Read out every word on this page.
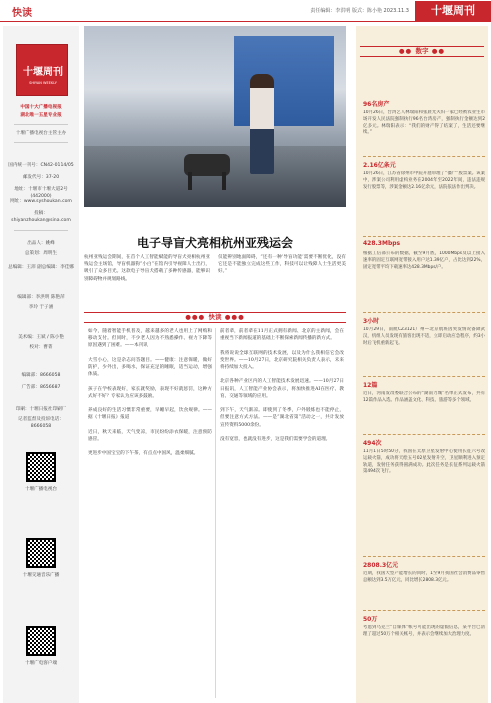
快读	责任编辑：李洪明 版式：陈小艳 2023.11.3	十堰周刊
十堰周刊
SHIYAN WEEKLY
中国十大广播电视报
湖北唯一五星专业报
十堰广播电视台主管主办
国内统一刊号：CN42-0114/05
邮发代号：37-20
地址：十堰市十堰大道2号(442000)
网址：www.syshoukan.com
投稿：shiyanzhoukan@sina.com
出品人：姚峰
总策划：周明生
总编辑：王沛 副总编辑：李佳娜
编辑部：李洪明 陈艳萍
李玲 于子涵
美术编：王斌 / 陈小艳
校对：曹菁
编辑部：8666058
广告部：8656687
印刷：十堰日报社印刷厂
记者监督及投诉电话：8666058
十堰广播电视台
十堰交通音乐广播
十堰广电客户端
电子导盲犬亮相杭州亚残运会
杭州亚残运会期间，在首个人工智能赋能的导盲犬亮相杭州亚残运会主场馆，导盲机器狗“小白”在馆内引导视障人士出行，吸引了众多目光。这款电子导盲犬搭载了多种传感器，能够识别障碍物并规划路线。
仅能辨别地面障碍，“还有一种‘导盲功能’需要不断优化，没有它还是不能独立完成这些工作，科技可以让残障人士生活更美好。”
●●● 快读 ●●●
如今，随着智能手机普及，越来越多的老人也用上了网购和移动支付。但同时，不少老人因为不熟悉操作、视力下降等原因遇到了困难。——本刊讯

大雪小心，这是杂志问答题目。——健康：注意保暖，做好防护，少外出，多喝水，保证充足的睡眠，适当运动，增强体质。

孩子在学校表现好，家长就奖励，表现不好就惩罚，这种方式好不好？专家认为应该多鼓励。

养成良好的生活习惯非常重要，早睡早起，饮食规律。——据《十堰日报》报道

近日，秋天来临，天气变凉，市民纷纷添衣保暖，注意预防感冒。

更进步中国宝宝的下午茶，有点点中国风，温柔细腻。
前者辈，前者辈在11月正式拥有新闻、北京的主新闻，会在重视当下新闻报道的基础上不断探索新闻传播的新方式。

我将说说全球互联网的技术发展，以及为什么我相信它会改变世界。——10月27日，北京研究院相关负责人表示，未来将持续加大投入。

北京各种产业区内的人工智能技术发展迅速。——10月27日日报讯，人工智能产业协会表示，将加快推进AI在医疗、教育、交通等领域的应用。

到下午，天气渐凉。即使到了冬季，户外锻炼也不能停止，但要注意方式方法。——是“湖北省第”活动之一，共计发放宣传资料5000余份。

没有宽容，也就没有进步，这是我们需要学会的道理。
●● 数字 ●●
96名房产
10月26日，台湾艺人林瑞阳和张晨光夫妇一家已经被农业生市场开发人民法院强制执行96名台湾房产，强制执行金额达到2亿多元。林瑞阳表示：“我们的财产得了结案了，生活还要继续。”
2.16亿条元
10月26日，江苏省徐州市中院开庭审理了“僵尸”股票案。该案中，涉案公司利用虚构业务在2004年至2022年间，违法违规发行股票等，涉案金额达2.16亿余元，法院依法作出判决。
428.3Mbps
根据工信部公布的数据，截至9月底，1000Mbps及以上接入速率的固定互联网宽带接入用户达1.39亿户，占比达到22%，固定宽带平均下载速率达428.3Mbps/户。
3小时
10月29日，南航CZ3121广州—北京航班因突发情况备降武汉，机组人员发现有旅客出现不适，立即启动应急程序，约3小时后飞机重新起飞。
12篇
近日，河南发改委联合公布的“湖南力城”名单正式发布，共有12篇作品入选。作品涵盖文化、科技、旅游等多个领域。
494次
11月1日5时50分，我国在太原卫星发射中心使用长征六号改运载火箭，成功将天绘五号02星发射升空，卫星顺利进入预定轨道，发射任务获得圆满成功。此次任务是长征系列运载火箭第494次飞行。
2808.3亿元
近期，我国大型产能增长的同时，1至9月我国社会消费品零售总额达到3.5万亿元，同比增长2808.3亿元。
50万
考虑到乌克兰“自媒体”帐号可能出现的虚假信息，某平台已清理了超过50万个相关帐号，并表示会继续加大治理力度。
